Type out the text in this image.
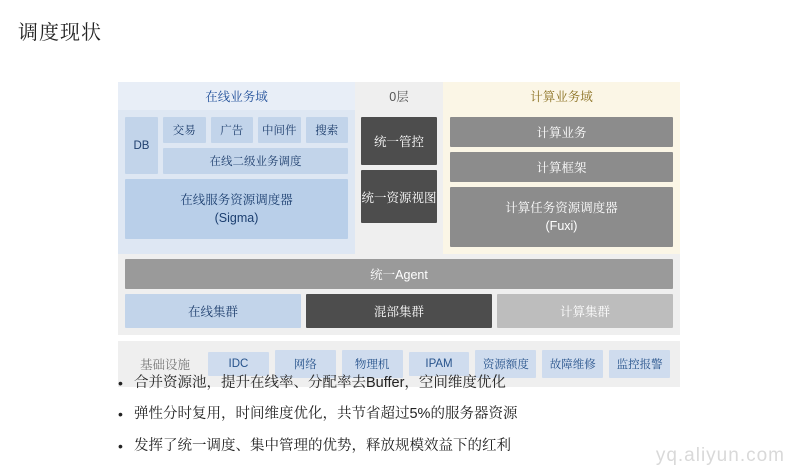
调度现状
在线业务域	0层	计算业务域
DB
交易	广告	中间件	搜索
在线二级业务调度
在线服务资源调度器
(Sigma)
统一管控
统一资源视图
计算业务
计算框架
计算任务资源调度器
(Fuxi)
统一Agent
在线集群	混部集群	计算集群
基础设施	IDC	网络	物理机	IPAM	资源额度	故障维修	监控报警
• 合并资源池，提升在线率、分配率去Buffer，空间维度优化
• 弹性分时复用，时间维度优化，共节省超过5%的服务器资源
• 发挥了统一调度、集中管理的优势，释放规模效益下的红利	yq.aliyun.com
